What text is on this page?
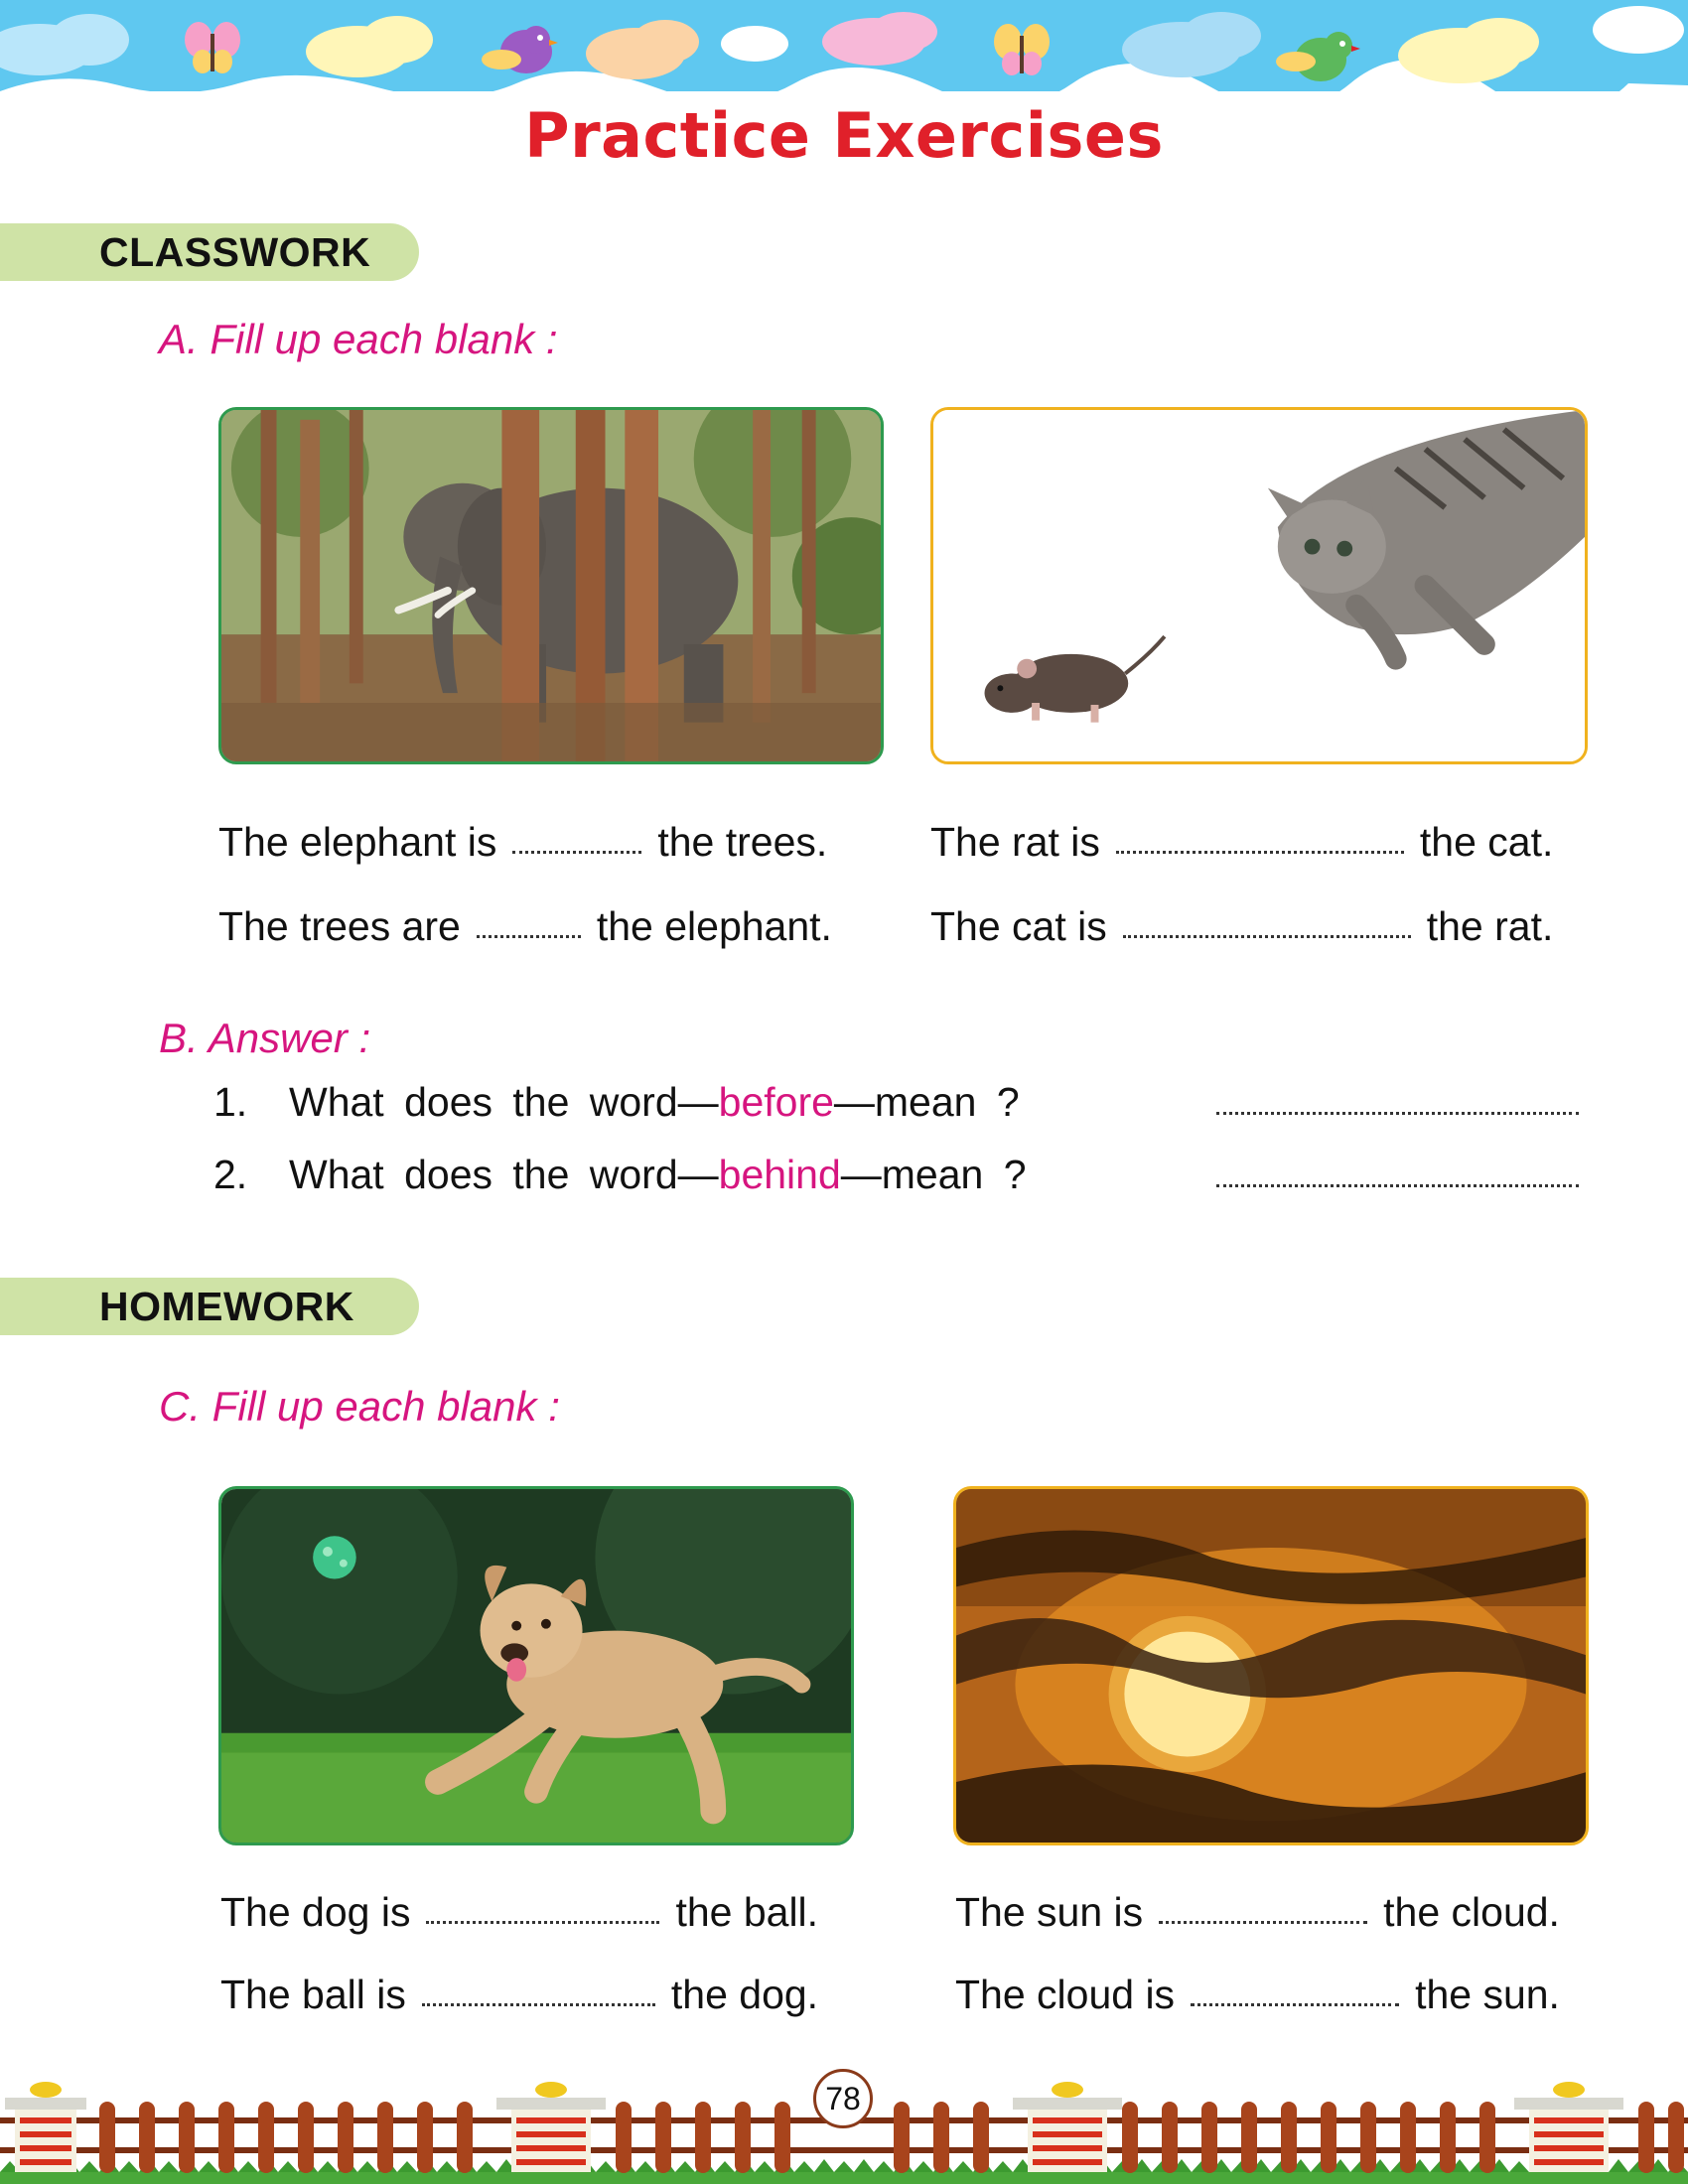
Practice Exercises
CLASSWORK
A. Fill up each blank :
The elephant is	the trees.
The trees are	the elephant.
The rat is	the cat.
The cat is	the rat.
B. Answer :
1. What does the word—before—mean ?
2. What does the word—behind—mean ?
HOMEWORK
C. Fill up each blank :
The dog is	the ball.
The ball is	the dog.
The sun is	the cloud.
The cloud is	the sun.
78
